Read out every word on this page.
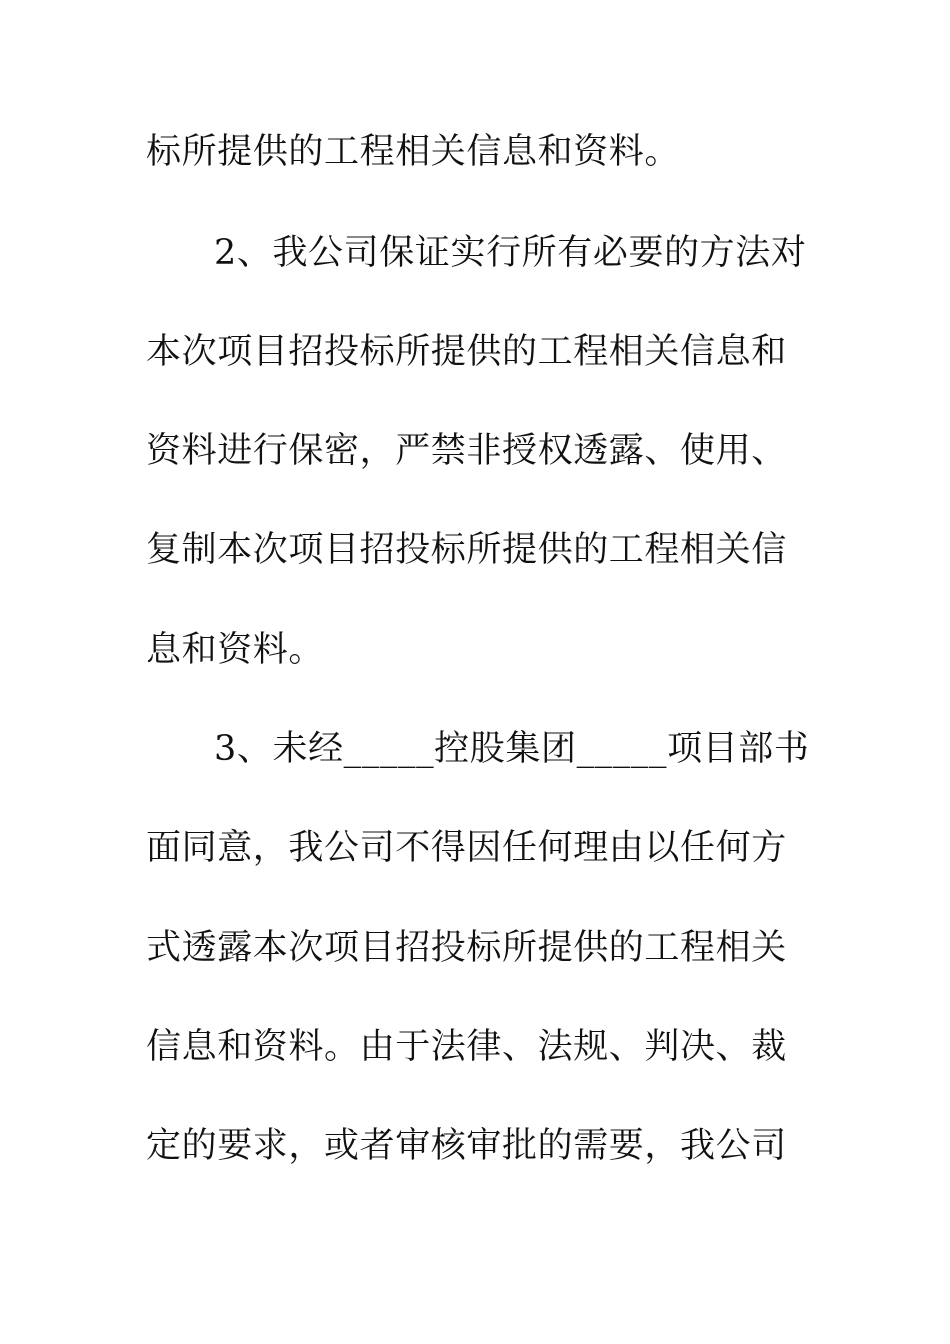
标所提供的工程相关信息和资料。
2、我公司保证实行所有必要的方法对
本次项目招投标所提供的工程相关信息和
资料进行保密，严禁非授权透露、使用、
复制本次项目招投标所提供的工程相关信
息和资料。
3、未经_____控股集团_____项目部书
面同意，我公司不得因任何理由以任何方
式透露本次项目招投标所提供的工程相关
信息和资料。由于法律、法规、判决、裁
定的要求，或者审核审批的需要，我公司
